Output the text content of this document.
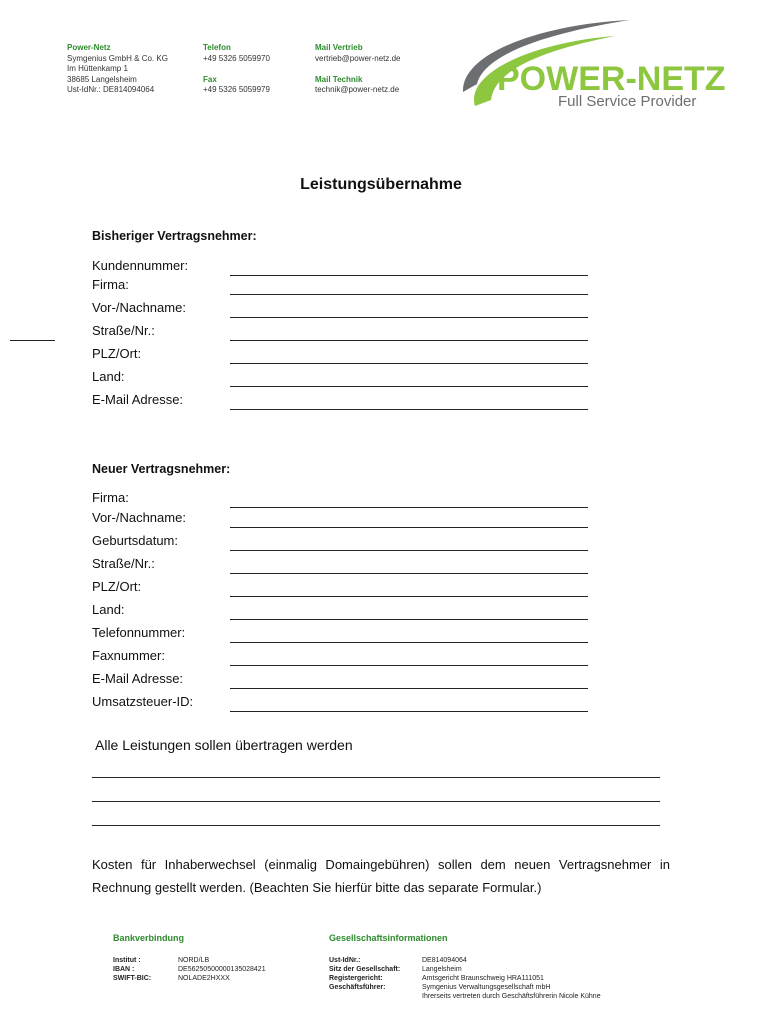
Power-Netz
Symgenius GmbH & Co. KG
Im Hüttenkamp 1
38685 Langelsheim
Ust-IdNr.: DE814094064
Telefon
+49 5326 5059970
Fax
+49 5326 5059979
Mail Vertrieb
vertrieb@power-netz.de
Mail Technik
technik@power-netz.de	POWER-NETZ
Full Service Provider
Leistungsübernahme
Bisheriger Vertragsnehmer:
Kundennummer:
Firma:
Vor-/Nachname:
Straße/Nr.:
PLZ/Ort:
Land:
E-Mail Adresse:
Neuer Vertragsnehmer:
Firma:
Vor-/Nachname:
Geburtsdatum:
Straße/Nr.:
PLZ/Ort:
Land:
Telefonnummer:
Faxnummer:
E-Mail Adresse:
Umsatzsteuer-ID:
Alle Leistungen sollen übertragen werden
Kosten für Inhaberwechsel (einmalig Domaingebühren) sollen dem neuen Vertragsnehmer in Rechnung gestellt werden. (Beachten Sie hierfür bitte das separate Formular.)
Bankverbindung
Institut :
IBAN :
SWIFT-BIC:
NORD/LB
DE56250500000135028421
NOLADE2HXXX
Gesellschaftsinformationen
Ust-IdNr.:
Sitz der Gesellschaft:
Registergericht:
Geschäftsführer:
DE814094064
Langelsheim
Amtsgericht Braunschweig HRA111051
Symgenius Verwaltungsgesellschaft mbH
Ihrerseits vertreten durch Geschäftsführerin Nicole Kühne
